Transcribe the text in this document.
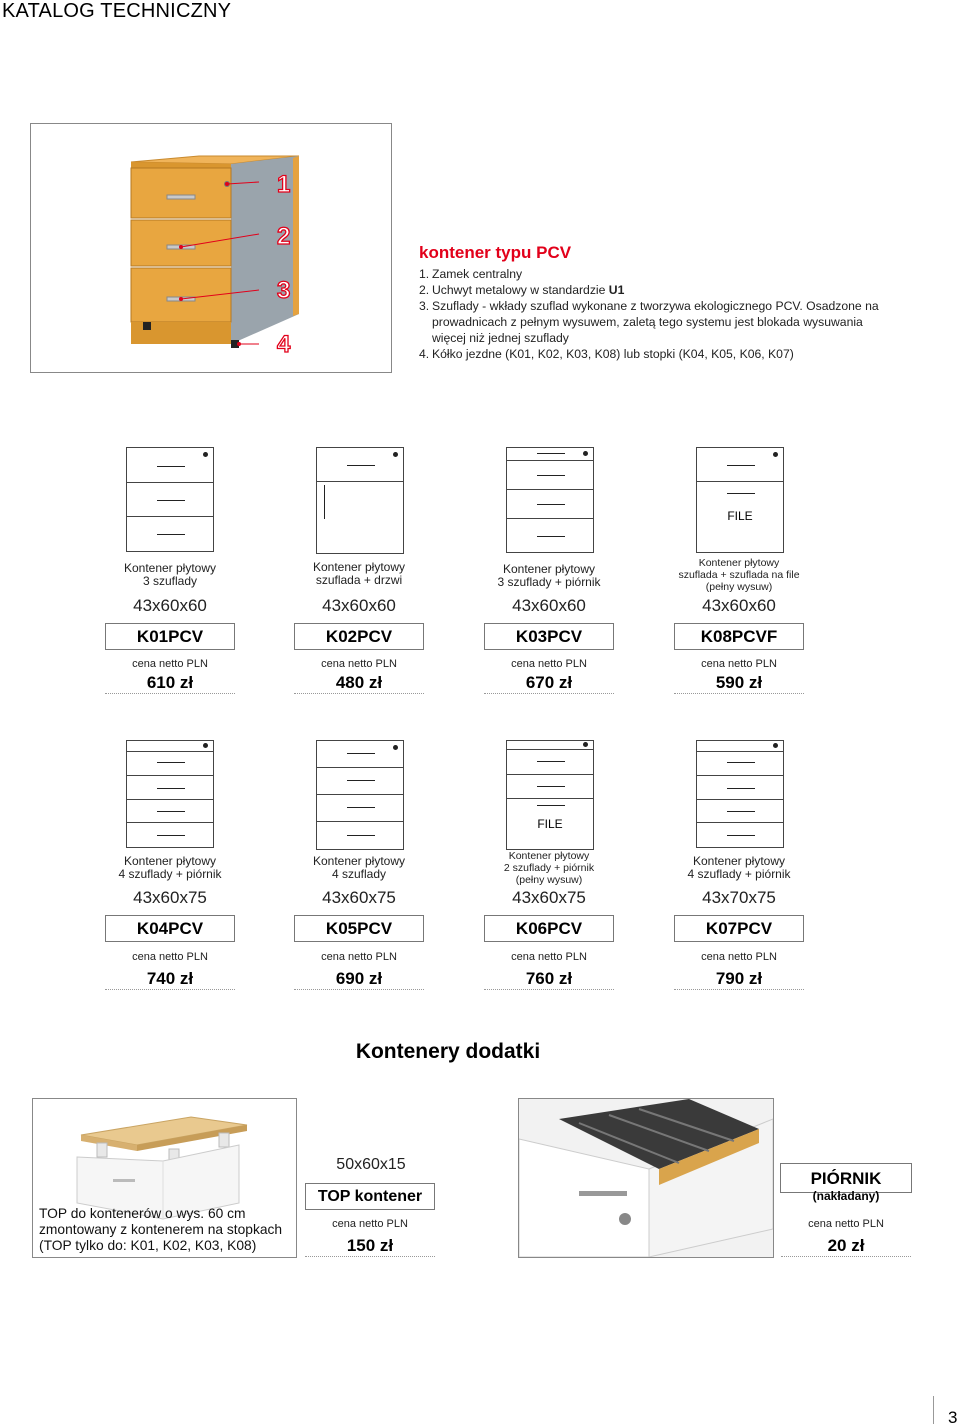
KATALOG TECHNICZNY
1
2
3
4
kontener typu PCV
1. Zamek centralny
2. Uchwyt metalowy w standardzie U1
3. Szuflady - wkłady szuflad wykonane z tworzywa ekologicznego PCV. Osadzone na prowadnicach z pełnym wysuwem, zaletą tego systemu jest blokada wysuwania więcej niż jednej szuflady
4. Kółko jezdne (K01, K02, K03, K08) lub stopki (K04, K05, K06, K07)
FILE
Kontener płytowy
3 szuflady
Kontener płytowy
szuflada + drzwi
Kontener płytowy
3 szuflady + piórnik
Kontener płytowy
szuflada + szuflada na file
(pełny wysuw)
43x60x60	43x60x60	43x60x60	43x60x60
K01PCV	K02PCV	K03PCV	K08PCVF
cena netto PLN	cena netto PLN	cena netto PLN	cena netto PLN
610 zł	480 zł	670 zł	590 zł
FILE
Kontener płytowy
4 szuflady + piórnik
Kontener płytowy
4 szuflady
Kontener płytowy
2 szuflady + piórnik
(pełny wysuw)
Kontener płytowy
4 szuflady + piórnik
43x60x75	43x60x75	43x60x75	43x70x75
K04PCV	K05PCV	K06PCV	K07PCV
cena netto PLN	cena netto PLN	cena netto PLN	cena netto PLN
740 zł	690 zł	760 zł	790 zł
Kontenery dodatki
TOP do kontenerów o wys. 60 cm
zmontowany z kontenerem na stopkach
(TOP tylko do: K01, K02, K03, K08)
50x60x15
TOP kontener
cena netto PLN
150 zł
PIÓRNIK
(nakładany)
cena netto PLN
20 zł
3
